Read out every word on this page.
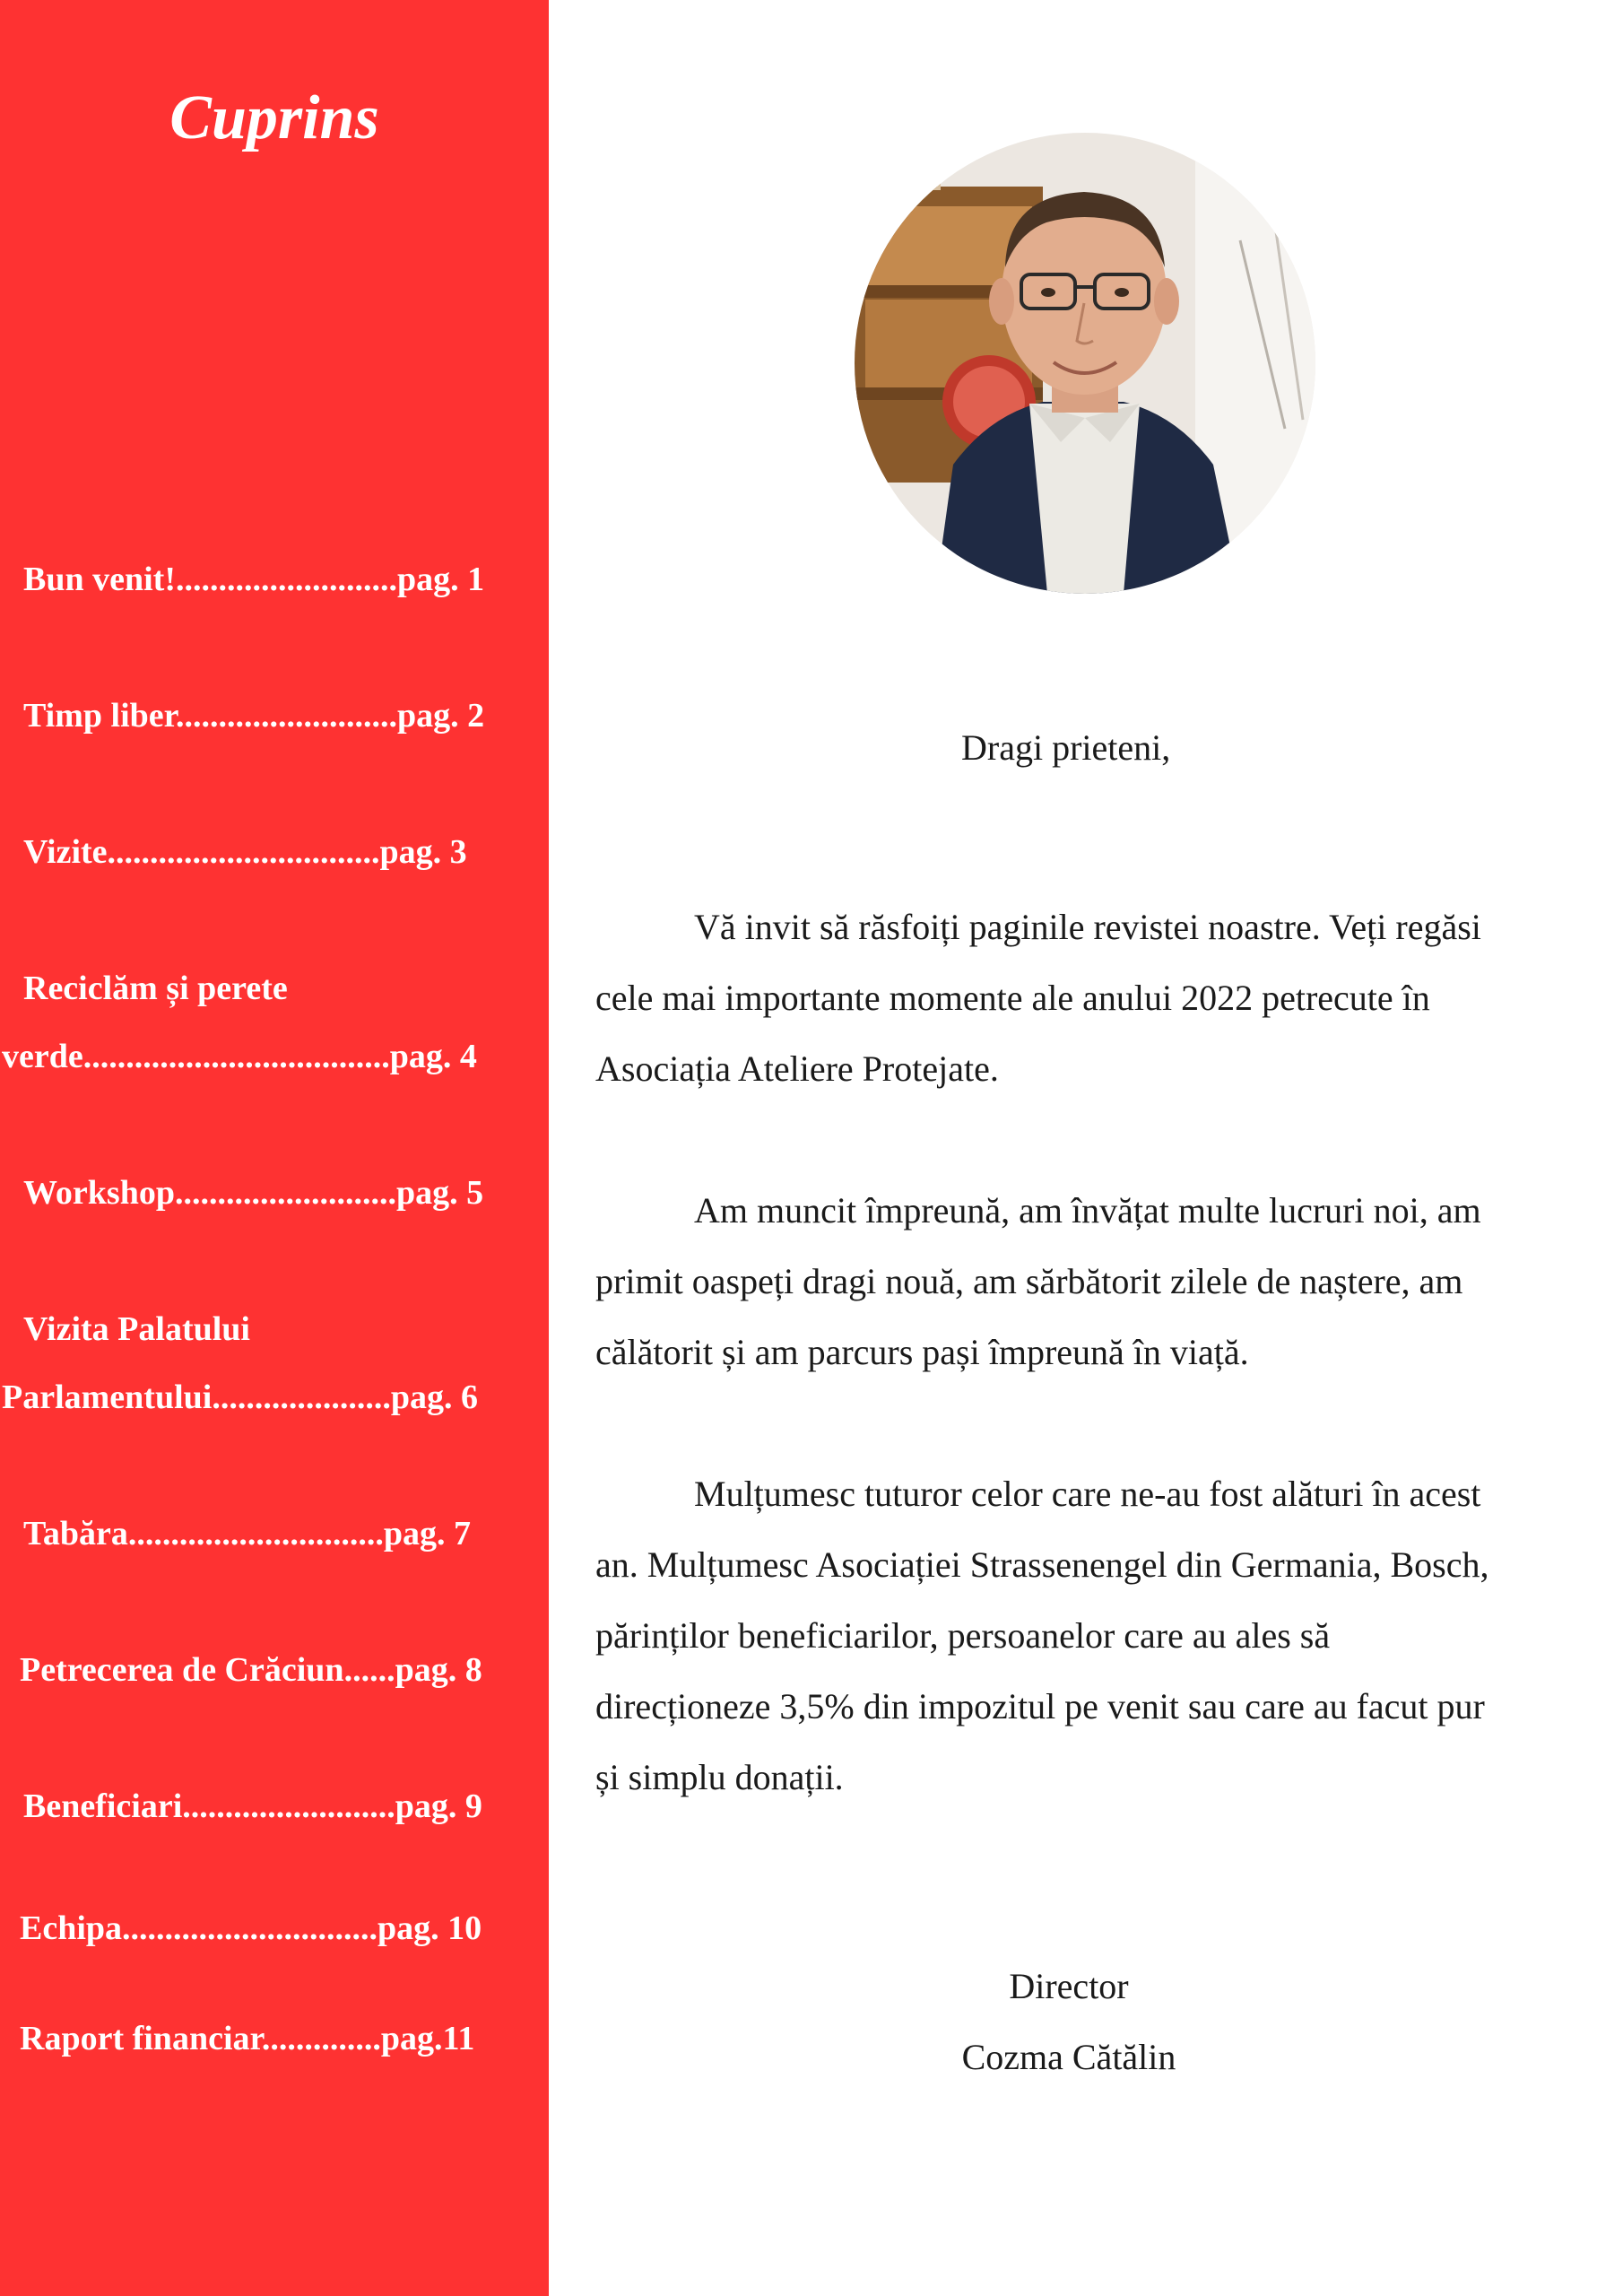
Cuprins
Bun venit!..........................pag. 1
Timp liber..........................pag. 2
Vizite................................pag. 3
Reciclăm și perete
verde....................................pag. 4
Workshop..........................pag. 5
Vizita Palatului
Parlamentului.....................pag. 6
Tabăra..............................pag. 7
Petrecerea de Crăciun......pag. 8
Beneficiari.........................pag. 9
Echipa..............................pag. 10
Raport financiar..............pag.11
Dragi prieteni,

Vă invit să răsfoiți paginile revistei noastre. Veți regăsi
cele mai importante momente ale anului 2022 petrecute în
Asociația Ateliere Protejate.

Am muncit împreună, am învățat multe lucruri noi, am
primit oaspeți dragi nouă, am sărbătorit zilele de naștere, am
călătorit și am parcurs pași împreună în viață.

Mulțumesc tuturor celor care ne-au fost alături în acest
an. Mulțumesc Asociației Strassenengel din Germania, Bosch,
părinților beneficiarilor, persoanelor care au ales să
direcționeze 3,5% din impozitul pe venit sau care au facut pur
și simplu donații.

Director
Cozma Cătălin
